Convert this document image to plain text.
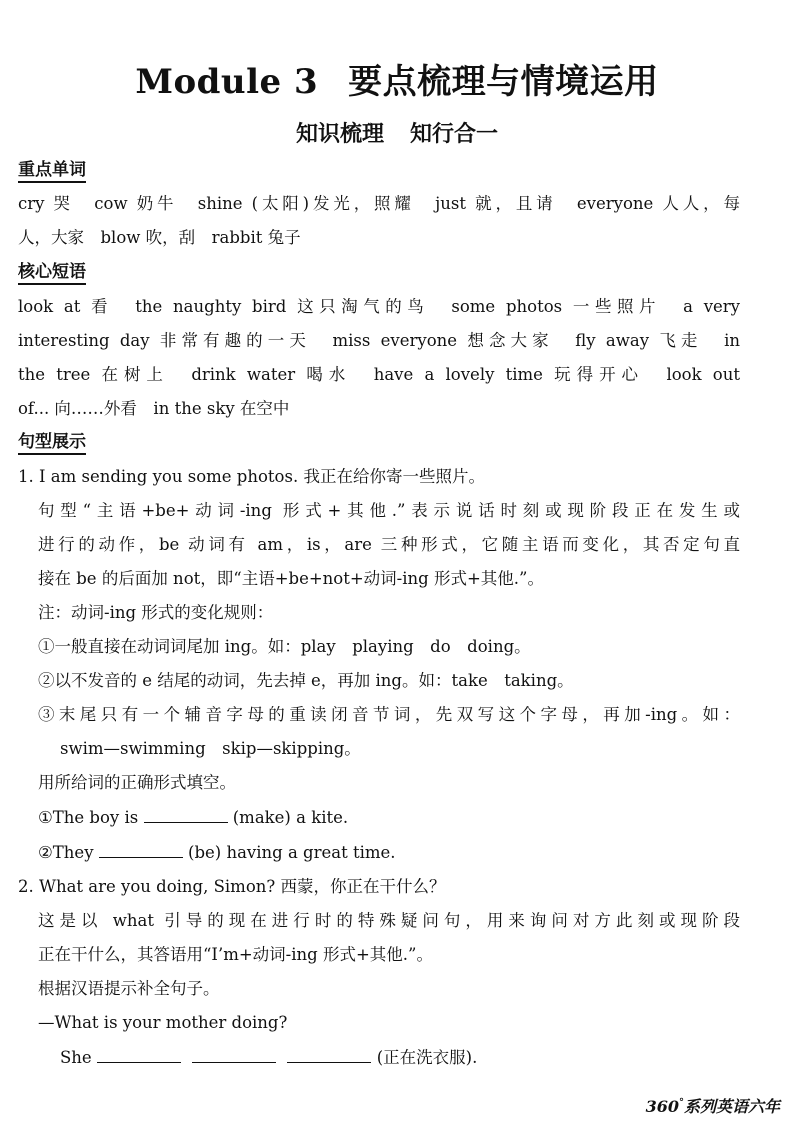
Module 3 要点梳理与情境运用
知识梳理 知行合一
重点单词
cry 哭　cow 奶牛　shine (太阳)发光，照耀　just 就，且请　everyone 人人，每
人，大家　blow 吹，刮　rabbit 兔子
核心短语
look at 看　the naughty bird 这只淘气的鸟　some photos 一些照片　a very
interesting day 非常有趣的一天　miss everyone 想念大家　fly away 飞走　in
the tree 在树上　drink water 喝水　have a lovely time 玩得开心　look out
of... 向……外看　in the sky 在空中
句型展示
1. I am sending you some photos. 我正在给你寄一些照片。
句型“主语+be+动词-ing 形式+其他.”表示说话时刻或现阶段正在发生或
进行的动作，be 动词有 am，is，are 三种形式，它随主语而变化，其否定句直
接在 be 的后面加 not，即“主语+be+not+动词-ing 形式+其他.”。
注：动词-ing 形式的变化规则：
①一般直接在动词词尾加 ing。如：play　playing　do　doing。
②以不发音的 e 结尾的动词，先去掉 e，再加 ing。如：take　taking。
③末尾只有一个辅音字母的重读闭音节词，先双写这个字母，再加-ing。如：
swim—swimming　skip—skipping。
用所给词的正确形式填空。
①The boy is	(make) a kite.
②They	(be) having a great time.
2. What are you doing, Simon? 西蒙，你正在干什么？
这是以 what 引导的现在进行时的特殊疑问句，用来询问对方此刻或现阶段
正在干什么，其答语用“I’m+动词-ing 形式+其他.”。
根据汉语提示补全句子。
—What is your mother doing?
She	(正在洗衣服).
360°系列英语六年
